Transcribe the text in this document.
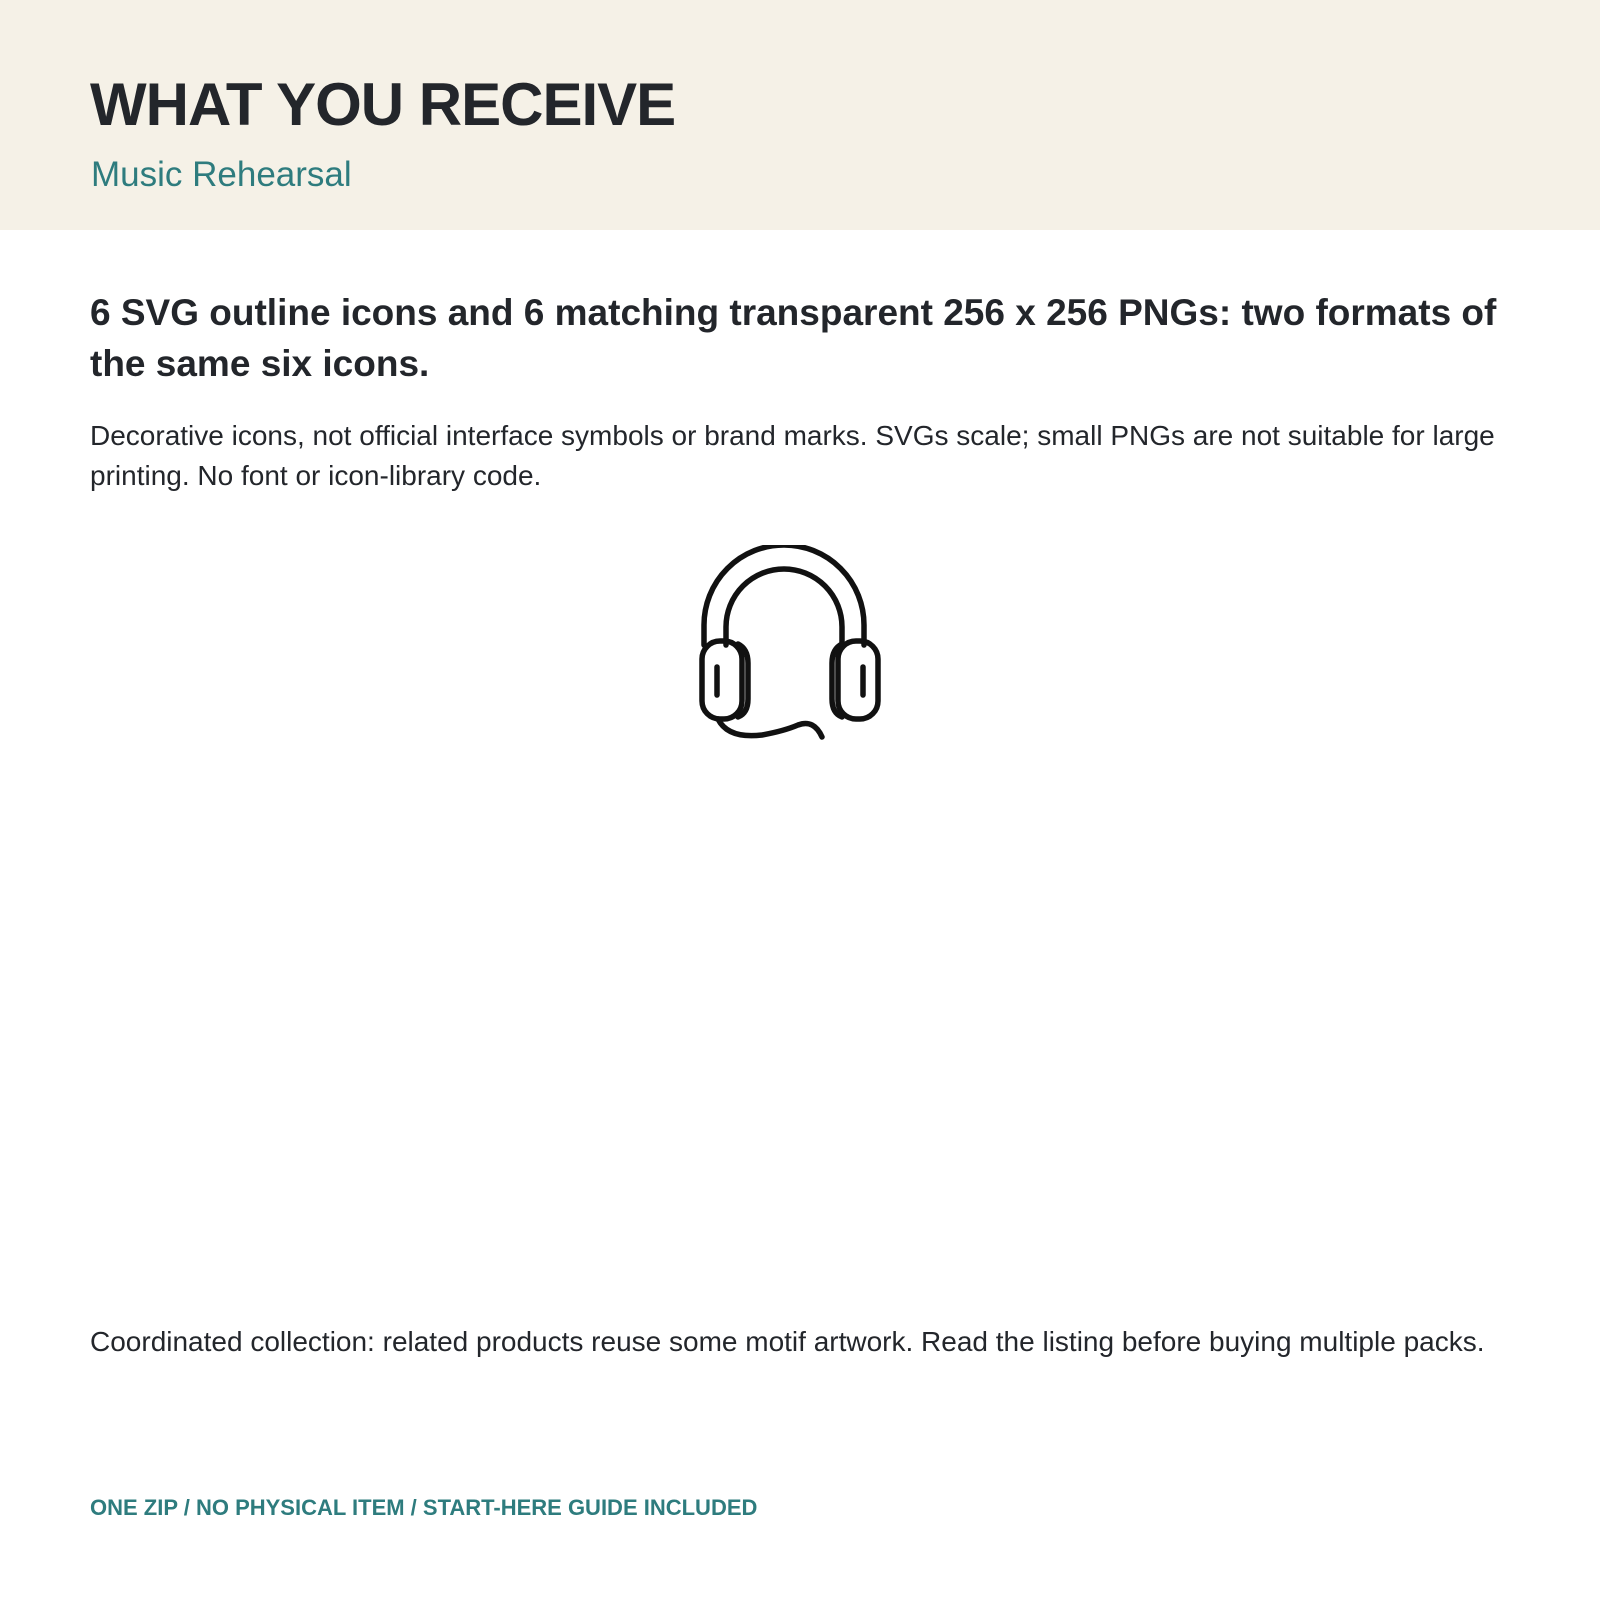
WHAT YOU RECEIVE

Music Rehearsal

6 SVG outline icons and 6 matching transparent 256 x 256 PNGs: two formats of the same six icons.

Decorative icons, not official interface symbols or brand marks. SVGs scale; small PNGs are not suitable for large printing. No font or icon-library code.

Coordinated collection: related products reuse some motif artwork. Read the listing before buying multiple packs.

ONE ZIP / NO PHYSICAL ITEM / START-HERE GUIDE INCLUDED
